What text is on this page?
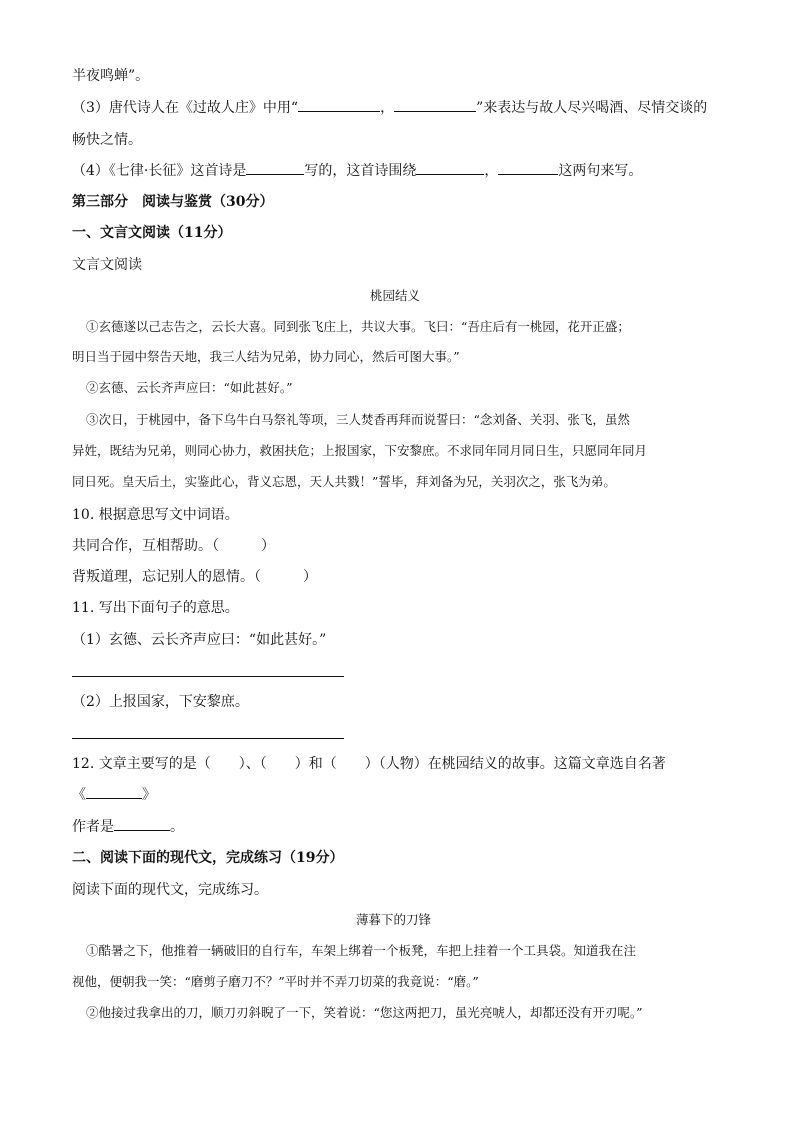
半夜鸣蝉”。
（3）唐代诗人在《过故人庄》中用“	，	”来表达与故人尽兴喝酒、尽情交谈的
畅快之情。
（4）《七律·长征》这首诗是	写的，这首诗围绕	，	这两句来写。
第三部分　阅读与鉴赏（30分）
一、文言文阅读（11分）
文言文阅读
桃园结义
①玄德遂以己志告之，云长大喜。同到张飞庄上，共议大事。飞曰：“吾庄后有一桃园，花开正盛；
明日当于园中祭告天地，我三人结为兄弟，协力同心，然后可图大事。”
②玄德、云长齐声应曰：“如此甚好。”
③次日，于桃园中，备下乌牛白马祭礼等项，三人焚香再拜而说誓曰：“念刘备、关羽、张飞，虽然
异姓，既结为兄弟，则同心协力，救困扶危；上报国家，下安黎庶。不求同年同月同日生，只愿同年同月
同日死。皇天后土，实鉴此心，背义忘恩，天人共戮！”誓毕，拜刘备为兄，关羽次之，张飞为弟。
10. 根据意思写文中词语。
共同合作，互相帮助。（　　　）
背叛道理，忘记别人的恩情。（　　　）
11. 写出下面句子的意思。
（1）玄德、云长齐声应曰：“如此甚好。”
（2）上报国家，下安黎庶。
12. 文章主要写的是（　　）、（　　）和（　　）（人物）在桃园结义的故事。这篇文章选自名著
《	》
作者是	。
二、阅读下面的现代文，完成练习（19分）
阅读下面的现代文，完成练习。
薄暮下的刀锋
①酷暑之下，他推着一辆破旧的自行车，车架上绑着一个板凳，车把上挂着一个工具袋。知道我在注
视他，便朝我一笑：“磨剪子磨刀不？”平时并不弄刀切菜的我竟说：“磨。”
②他接过我拿出的刀，顺刀刃斜睨了一下，笑着说：“您这两把刀，虽光亮唬人，却都还没有开刃呢。”
